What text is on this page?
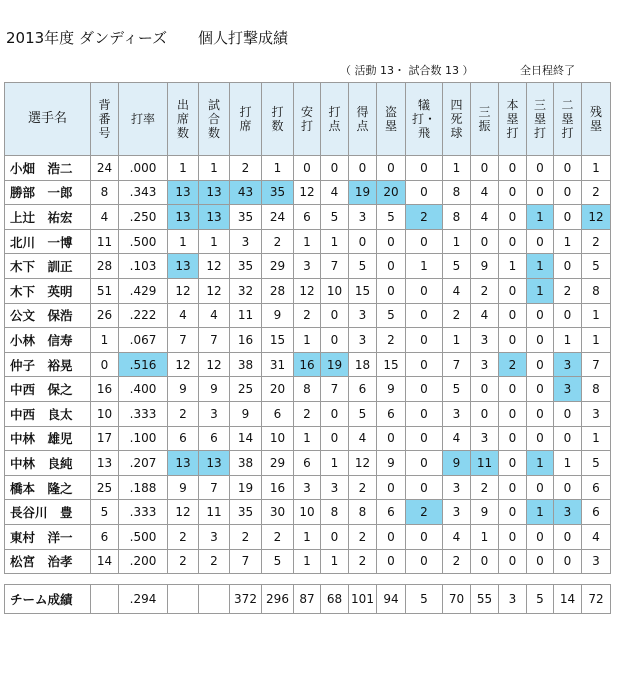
2013年度 ダンディーズ 個人打撃成績
（ 活動 13・ 試合数 13 ）	全日程終了
選手名	背番号	打率	出席数	試合数	打席	打数	安打	打点	得点	盗塁	犠打・飛	四死球	三振	本塁打	三塁打	二塁打	残塁
小畑　浩二	24	.000	1	1	2	1	0	0	0	0	0	1	0	0	0	0	1
勝部　一郎	8	.343	13	13	43	35	12	4	19	20	0	8	4	0	0	0	2
上辻　祐宏	4	.250	13	13	35	24	6	5	3	5	2	8	4	0	1	0	12
北川　一博	11	.500	1	1	3	2	1	1	0	0	0	1	0	0	0	1	2
木下　訓正	28	.103	13	12	35	29	3	7	5	0	1	5	9	1	1	0	5
木下　英明	51	.429	12	12	32	28	12	10	15	0	0	4	2	0	1	2	8
公文　保浩	26	.222	4	4	11	9	2	0	3	5	0	2	4	0	0	0	1
小林　信寿	1	.067	7	7	16	15	1	0	3	2	0	1	3	0	0	1	1
仲子　裕晃	0	.516	12	12	38	31	16	19	18	15	0	7	3	2	0	3	7
中西　保之	16	.400	9	9	25	20	8	7	6	9	0	5	0	0	0	3	8
中西　良太	10	.333	2	3	9	6	2	0	5	6	0	3	0	0	0	0	3
中林　雄児	17	.100	6	6	14	10	1	0	4	0	0	4	3	0	0	0	1
中林　良純	13	.207	13	13	38	29	6	1	12	9	0	9	11	0	1	1	5
橋本　隆之	25	.188	9	7	19	16	3	3	2	0	0	3	2	0	0	0	6
長谷川　豊	5	.333	12	11	35	30	10	8	8	6	2	3	9	0	1	3	6
東村　洋一	6	.500	2	3	2	2	1	0	2	0	0	4	1	0	0	0	4
松宮　治孝	14	.200	2	2	7	5	1	1	2	0	0	2	0	0	0	0	3

チーム成績		.294			372	296	87	68	101	94	5	70	55	3	5	14	72
